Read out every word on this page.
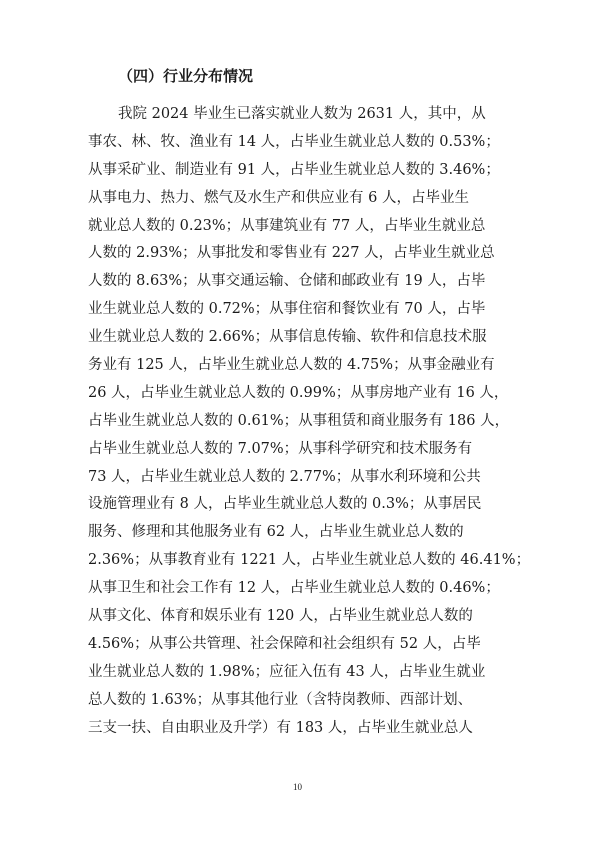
（四）行业分布情况
我院 2024 毕业生已落实就业人数为 2631 人，其中，从
事农、林、牧、渔业有 14 人，占毕业生就业总人数的 0.53%；
从事采矿业、制造业有 91 人，占毕业生就业总人数的 3.46%；
从事电力、热力、燃气及水生产和供应业有 6 人，占毕业生
就业总人数的 0.23%；从事建筑业有 77 人，占毕业生就业总
人数的 2.93%；从事批发和零售业有 227 人，占毕业生就业总
人数的 8.63%；从事交通运输、仓储和邮政业有 19 人，占毕
业生就业总人数的 0.72%；从事住宿和餐饮业有 70 人，占毕
业生就业总人数的 2.66%；从事信息传输、软件和信息技术服
务业有 125 人，占毕业生就业总人数的 4.75%；从事金融业有
26 人，占毕业生就业总人数的 0.99%；从事房地产业有 16 人，
占毕业生就业总人数的 0.61%；从事租赁和商业服务有 186 人，
占毕业生就业总人数的 7.07%；从事科学研究和技术服务有
73 人，占毕业生就业总人数的 2.77%；从事水利环境和公共
设施管理业有 8 人，占毕业生就业总人数的 0.3%；从事居民
服务、修理和其他服务业有 62 人，占毕业生就业总人数的
2.36%；从事教育业有 1221 人，占毕业生就业总人数的 46.41%；
从事卫生和社会工作有 12 人，占毕业生就业总人数的 0.46%；
从事文化、体育和娱乐业有 120 人，占毕业生就业总人数的
4.56%；从事公共管理、社会保障和社会组织有 52 人，占毕
业生就业总人数的 1.98%；应征入伍有 43 人，占毕业生就业
总人数的 1.63%；从事其他行业（含特岗教师、西部计划、
三支一扶、自由职业及升学）有 183 人，占毕业生就业总人
10
